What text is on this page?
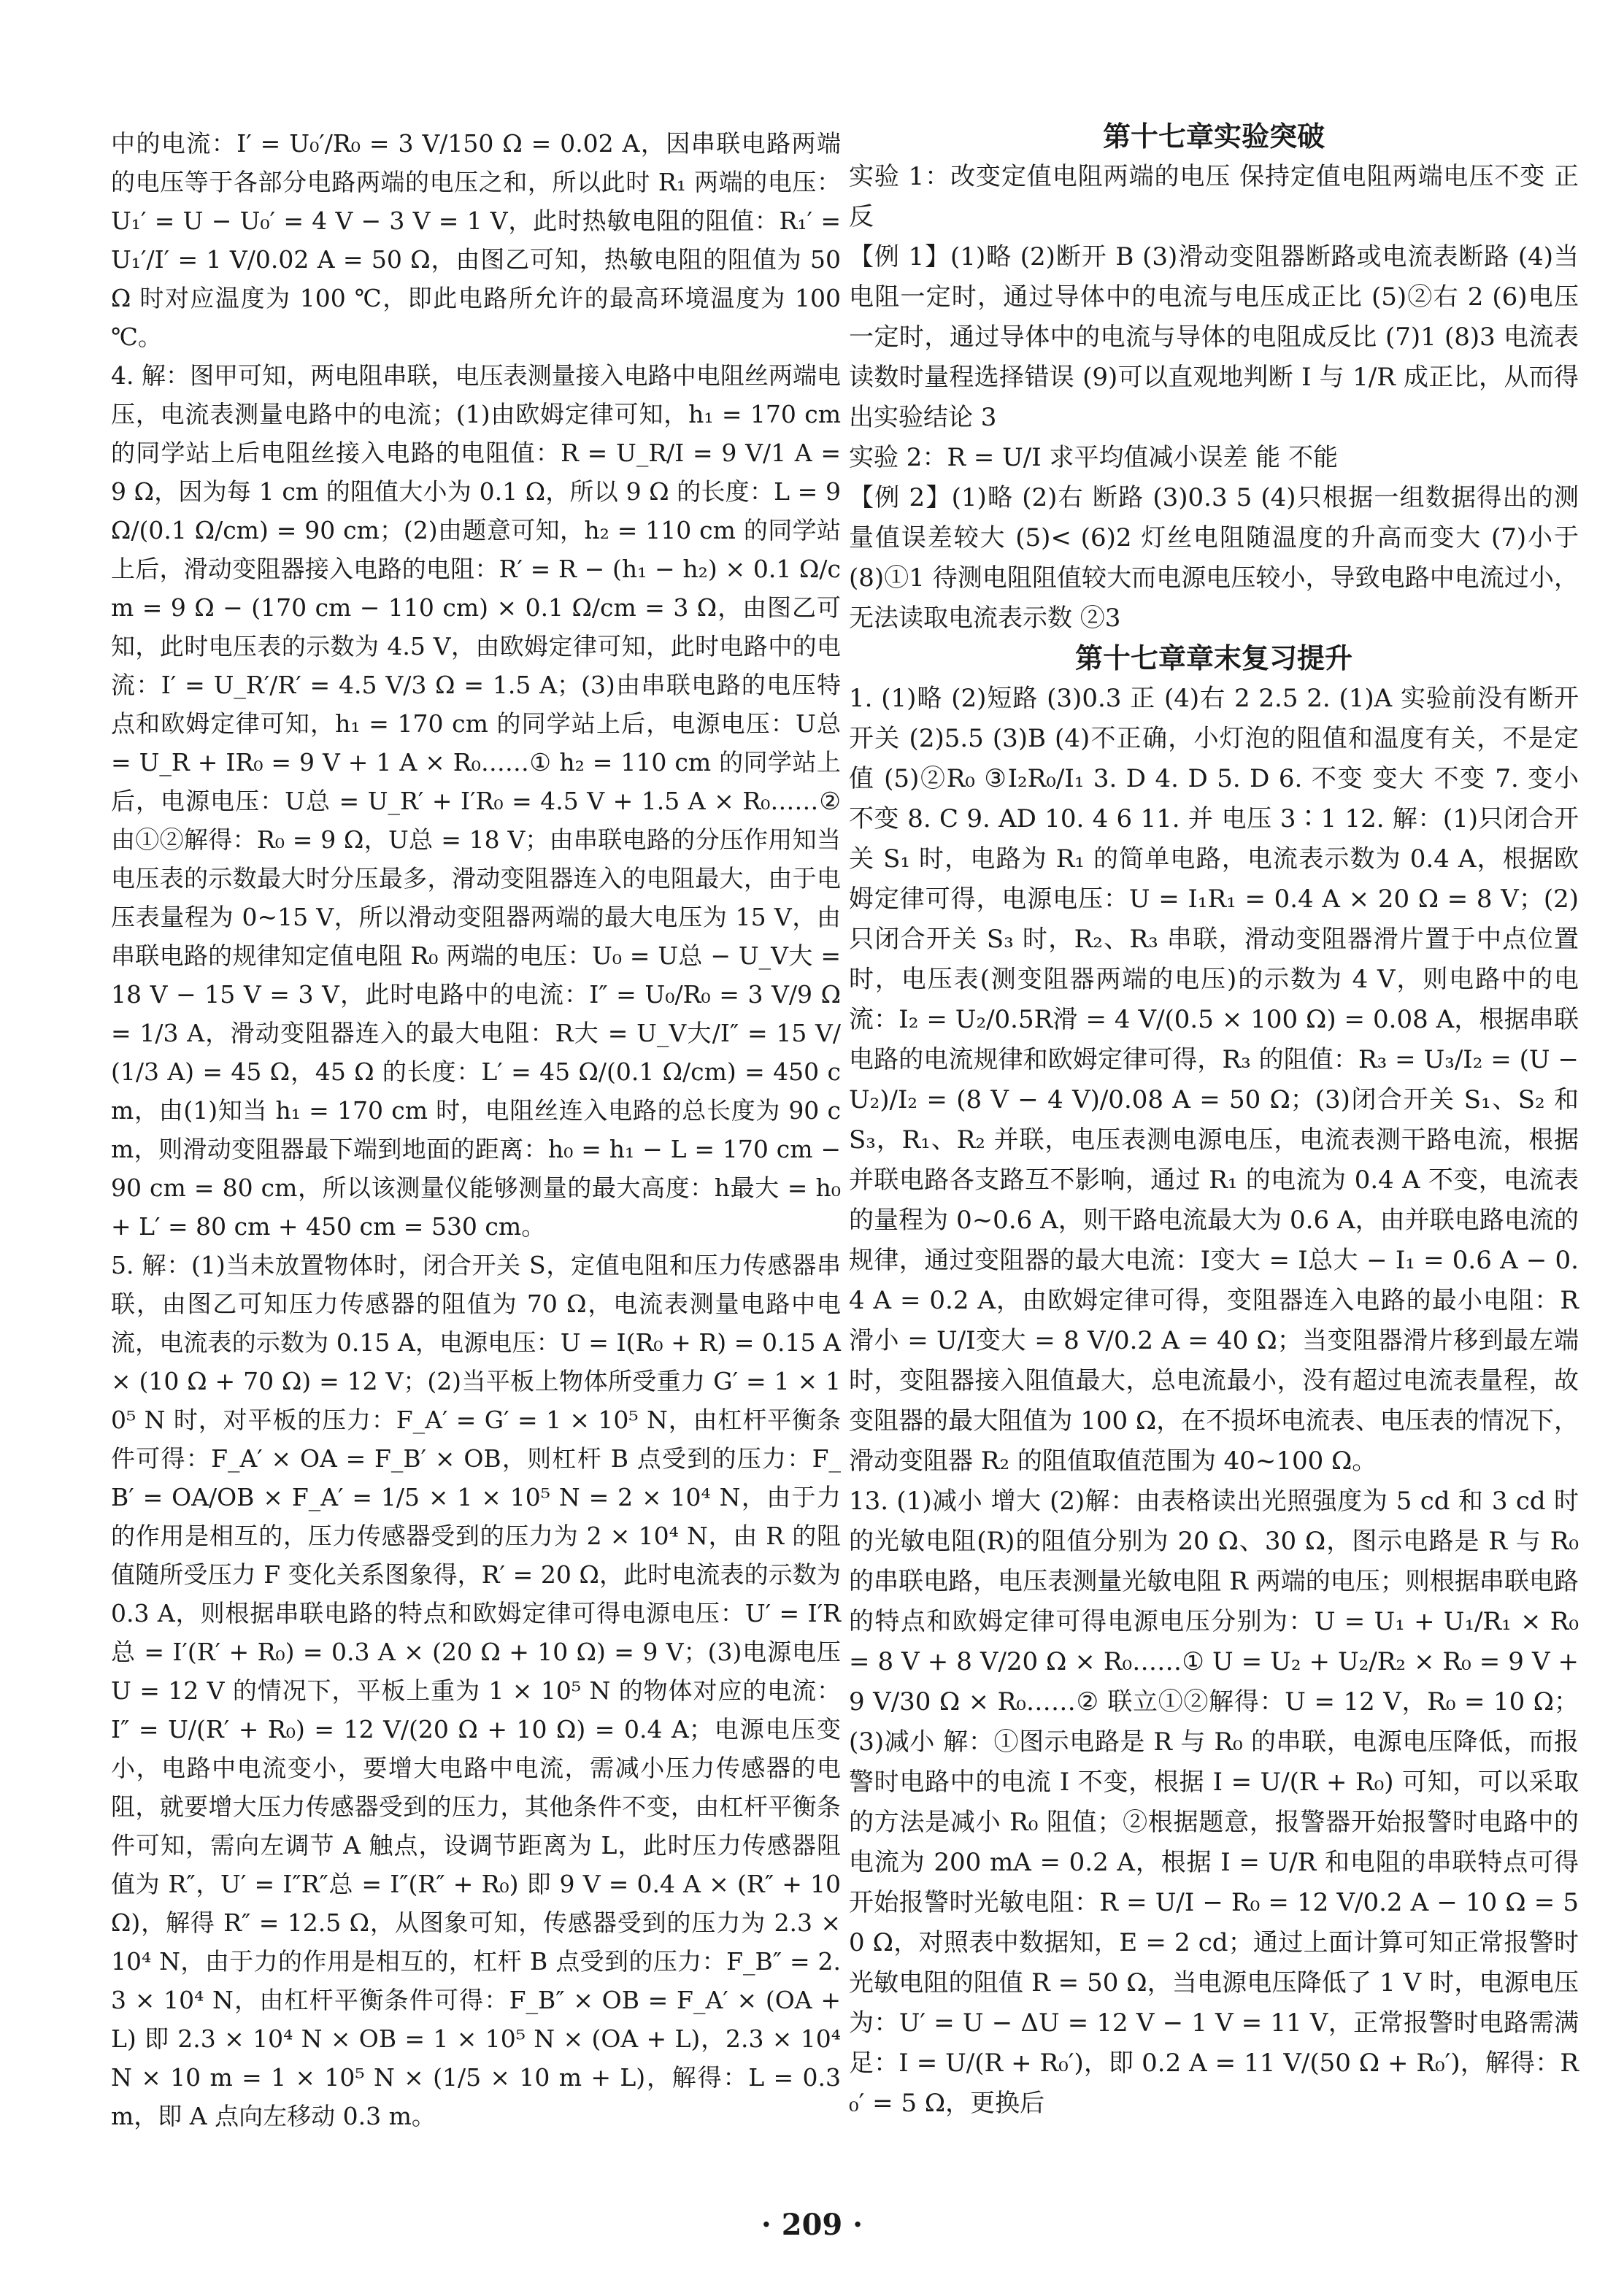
中的电流：I′ = U₀′/R₀ = 3 V/150 Ω = 0.02 A，因串联电路两端的电压等于各部分电路两端的电压之和，所以此时 R₁ 两端的电压：U₁′ = U − U₀′ = 4 V − 3 V = 1 V，此时热敏电阻的阻值：R₁′ = U₁′/I′ = 1 V/0.02 A = 50 Ω，由图乙可知，热敏电阻的阻值为 50 Ω 时对应温度为 100 ℃，即此电路所允许的最高环境温度为 100 ℃。

4. 解：图甲可知，两电阻串联，电压表测量接入电路中电阻丝两端电压，电流表测量电路中的电流；(1)由欧姆定律可知，h₁ = 170 cm 的同学站上后电阻丝接入电路的电阻值：R = U_R/I = 9 V/1 A = 9 Ω，因为每 1 cm 的阻值大小为 0.1 Ω，所以 9 Ω 的长度：L = 9 Ω/(0.1 Ω/cm) = 90 cm；(2)由题意可知，h₂ = 110 cm 的同学站上后，滑动变阻器接入电路的电阻：R′ = R − (h₁ − h₂) × 0.1 Ω/cm = 9 Ω − (170 cm − 110 cm) × 0.1 Ω/cm = 3 Ω，由图乙可知，此时电压表的示数为 4.5 V，由欧姆定律可知，此时电路中的电流：I′ = U_R′/R′ = 4.5 V/3 Ω = 1.5 A；(3)由串联电路的电压特点和欧姆定律可知，h₁ = 170 cm 的同学站上后，电源电压：U总 = U_R + IR₀ = 9 V + 1 A × R₀……① h₂ = 110 cm 的同学站上后，电源电压：U总 = U_R′ + I′R₀ = 4.5 V + 1.5 A × R₀……② 由①②解得：R₀ = 9 Ω，U总 = 18 V；由串联电路的分压作用知当电压表的示数最大时分压最多，滑动变阻器连入的电阻最大，由于电压表量程为 0~15 V，所以滑动变阻器两端的最大电压为 15 V，由串联电路的规律知定值电阻 R₀ 两端的电压：U₀ = U总 − U_V大 = 18 V − 15 V = 3 V，此时电路中的电流：I″ = U₀/R₀ = 3 V/9 Ω = 1/3 A，滑动变阻器连入的最大电阻：R大 = U_V大/I″ = 15 V/(1/3 A) = 45 Ω，45 Ω 的长度：L′ = 45 Ω/(0.1 Ω/cm) = 450 cm，由(1)知当 h₁ = 170 cm 时，电阻丝连入电路的总长度为 90 cm，则滑动变阻器最下端到地面的距离：h₀ = h₁ − L = 170 cm − 90 cm = 80 cm，所以该测量仪能够测量的最大高度：h最大 = h₀ + L′ = 80 cm + 450 cm = 530 cm。

5. 解：(1)当未放置物体时，闭合开关 S，定值电阻和压力传感器串联，由图乙可知压力传感器的阻值为 70 Ω，电流表测量电路中电流，电流表的示数为 0.15 A，电源电压：U = I(R₀ + R) = 0.15 A × (10 Ω + 70 Ω) = 12 V；(2)当平板上物体所受重力 G′ = 1 × 10⁵ N 时，对平板的压力：F_A′ = G′ = 1 × 10⁵ N，由杠杆平衡条件可得：F_A′ × OA = F_B′ × OB，则杠杆 B 点受到的压力：F_B′ = OA/OB × F_A′ = 1/5 × 1 × 10⁵ N = 2 × 10⁴ N，由于力的作用是相互的，压力传感器受到的压力为 2 × 10⁴ N，由 R 的阻值随所受压力 F 变化关系图象得，R′ = 20 Ω，此时电流表的示数为 0.3 A，则根据串联电路的特点和欧姆定律可得电源电压：U′ = I′R总 = I′(R′ + R₀) = 0.3 A × (20 Ω + 10 Ω) = 9 V；(3)电源电压 U = 12 V 的情况下，平板上重为 1 × 10⁵ N 的物体对应的电流：I″ = U/(R′ + R₀) = 12 V/(20 Ω + 10 Ω) = 0.4 A；电源电压变小，电路中电流变小，要增大电路中电流，需减小压力传感器的电阻，就要增大压力传感器受到的压力，其他条件不变，由杠杆平衡条件可知，需向左调节 A 触点，设调节距离为 L，此时压力传感器阻值为 R″，U′ = I″R″总 = I″(R″ + R₀) 即 9 V = 0.4 A × (R″ + 10 Ω)，解得 R″ = 12.5 Ω，从图象可知，传感器受到的压力为 2.3 × 10⁴ N，由于力的作用是相互的，杠杆 B 点受到的压力：F_B″ = 2.3 × 10⁴ N，由杠杆平衡条件可得：F_B″ × OB = F_A′ × (OA + L) 即 2.3 × 10⁴ N × OB = 1 × 10⁵ N × (OA + L)，2.3 × 10⁴ N × 10 m = 1 × 10⁵ N × (1/5 × 10 m + L)，解得：L = 0.3 m，即 A 点向左移动 0.3 m。

第十七章实验突破

实验 1：改变定值电阻两端的电压 保持定值电阻两端电压不变 正 反

【例 1】(1)略 (2)断开 B (3)滑动变阻器断路或电流表断路 (4)当电阻一定时，通过导体中的电流与电压成正比 (5)②右 2 (6)电压一定时，通过导体中的电流与导体的电阻成反比 (7)1 (8)3 电流表读数时量程选择错误 (9)可以直观地判断 I 与 1/R 成正比，从而得出实验结论 3

实验 2：R = U/I 求平均值减小误差 能 不能

【例 2】(1)略 (2)右 断路 (3)0.3 5 (4)只根据一组数据得出的测量值误差较大 (5)< (6)2 灯丝电阻随温度的升高而变大 (7)小于 (8)①1 待测电阻阻值较大而电源电压较小，导致电路中电流过小，无法读取电流表示数 ②3

第十七章章末复习提升

1. (1)略 (2)短路 (3)0.3 正 (4)右 2 2.5 2. (1)A 实验前没有断开开关 (2)5.5 (3)B (4)不正确，小灯泡的阻值和温度有关，不是定值 (5)②R₀ ③I₂R₀/I₁ 3. D 4. D 5. D 6. 不变 变大 不变 7. 变小 不变 8. C 9. AD 10. 4 6 11. 并 电压 3∶1 12. 解：(1)只闭合开关 S₁ 时，电路为 R₁ 的简单电路，电流表示数为 0.4 A，根据欧姆定律可得，电源电压：U = I₁R₁ = 0.4 A × 20 Ω = 8 V；(2)只闭合开关 S₃ 时，R₂、R₃ 串联，滑动变阻器滑片置于中点位置时，电压表(测变阻器两端的电压)的示数为 4 V，则电路中的电流：I₂ = U₂/0.5R滑 = 4 V/(0.5 × 100 Ω) = 0.08 A，根据串联电路的电流规律和欧姆定律可得，R₃ 的阻值：R₃ = U₃/I₂ = (U − U₂)/I₂ = (8 V − 4 V)/0.08 A = 50 Ω；(3)闭合开关 S₁、S₂ 和 S₃，R₁、R₂ 并联，电压表测电源电压，电流表测干路电流，根据并联电路各支路互不影响，通过 R₁ 的电流为 0.4 A 不变，电流表的量程为 0~0.6 A，则干路电流最大为 0.6 A，由并联电路电流的规律，通过变阻器的最大电流：I变大 = I总大 − I₁ = 0.6 A − 0.4 A = 0.2 A，由欧姆定律可得，变阻器连入电路的最小电阻：R滑小 = U/I变大 = 8 V/0.2 A = 40 Ω；当变阻器滑片移到最左端时，变阻器接入阻值最大，总电流最小，没有超过电流表量程，故变阻器的最大阻值为 100 Ω，在不损坏电流表、电压表的情况下，滑动变阻器 R₂ 的阻值取值范围为 40~100 Ω。

13. (1)减小 增大 (2)解：由表格读出光照强度为 5 cd 和 3 cd 时的光敏电阻(R)的阻值分别为 20 Ω、30 Ω，图示电路是 R 与 R₀ 的串联电路，电压表测量光敏电阻 R 两端的电压；则根据串联电路的特点和欧姆定律可得电源电压分别为：U = U₁ + U₁/R₁ × R₀ = 8 V + 8 V/20 Ω × R₀……① U = U₂ + U₂/R₂ × R₀ = 9 V + 9 V/30 Ω × R₀……② 联立①②解得：U = 12 V，R₀ = 10 Ω；(3)减小 解：①图示电路是 R 与 R₀ 的串联，电源电压降低，而报警时电路中的电流 I 不变，根据 I = U/(R + R₀) 可知，可以采取的方法是减小 R₀ 阻值；②根据题意，报警器开始报警时电路中的电流为 200 mA = 0.2 A，根据 I = U/R 和电阻的串联特点可得开始报警时光敏电阻：R = U/I − R₀ = 12 V/0.2 A − 10 Ω = 50 Ω，对照表中数据知，E = 2 cd；通过上面计算可知正常报警时光敏电阻的阻值 R = 50 Ω，当电源电压降低了 1 V 时，电源电压为：U′ = U − ΔU = 12 V − 1 V = 11 V，正常报警时电路需满足：I = U/(R + R₀′)，即 0.2 A = 11 V/(50 Ω + R₀′)，解得：R₀′ = 5 Ω，更换后

· 209 ·
